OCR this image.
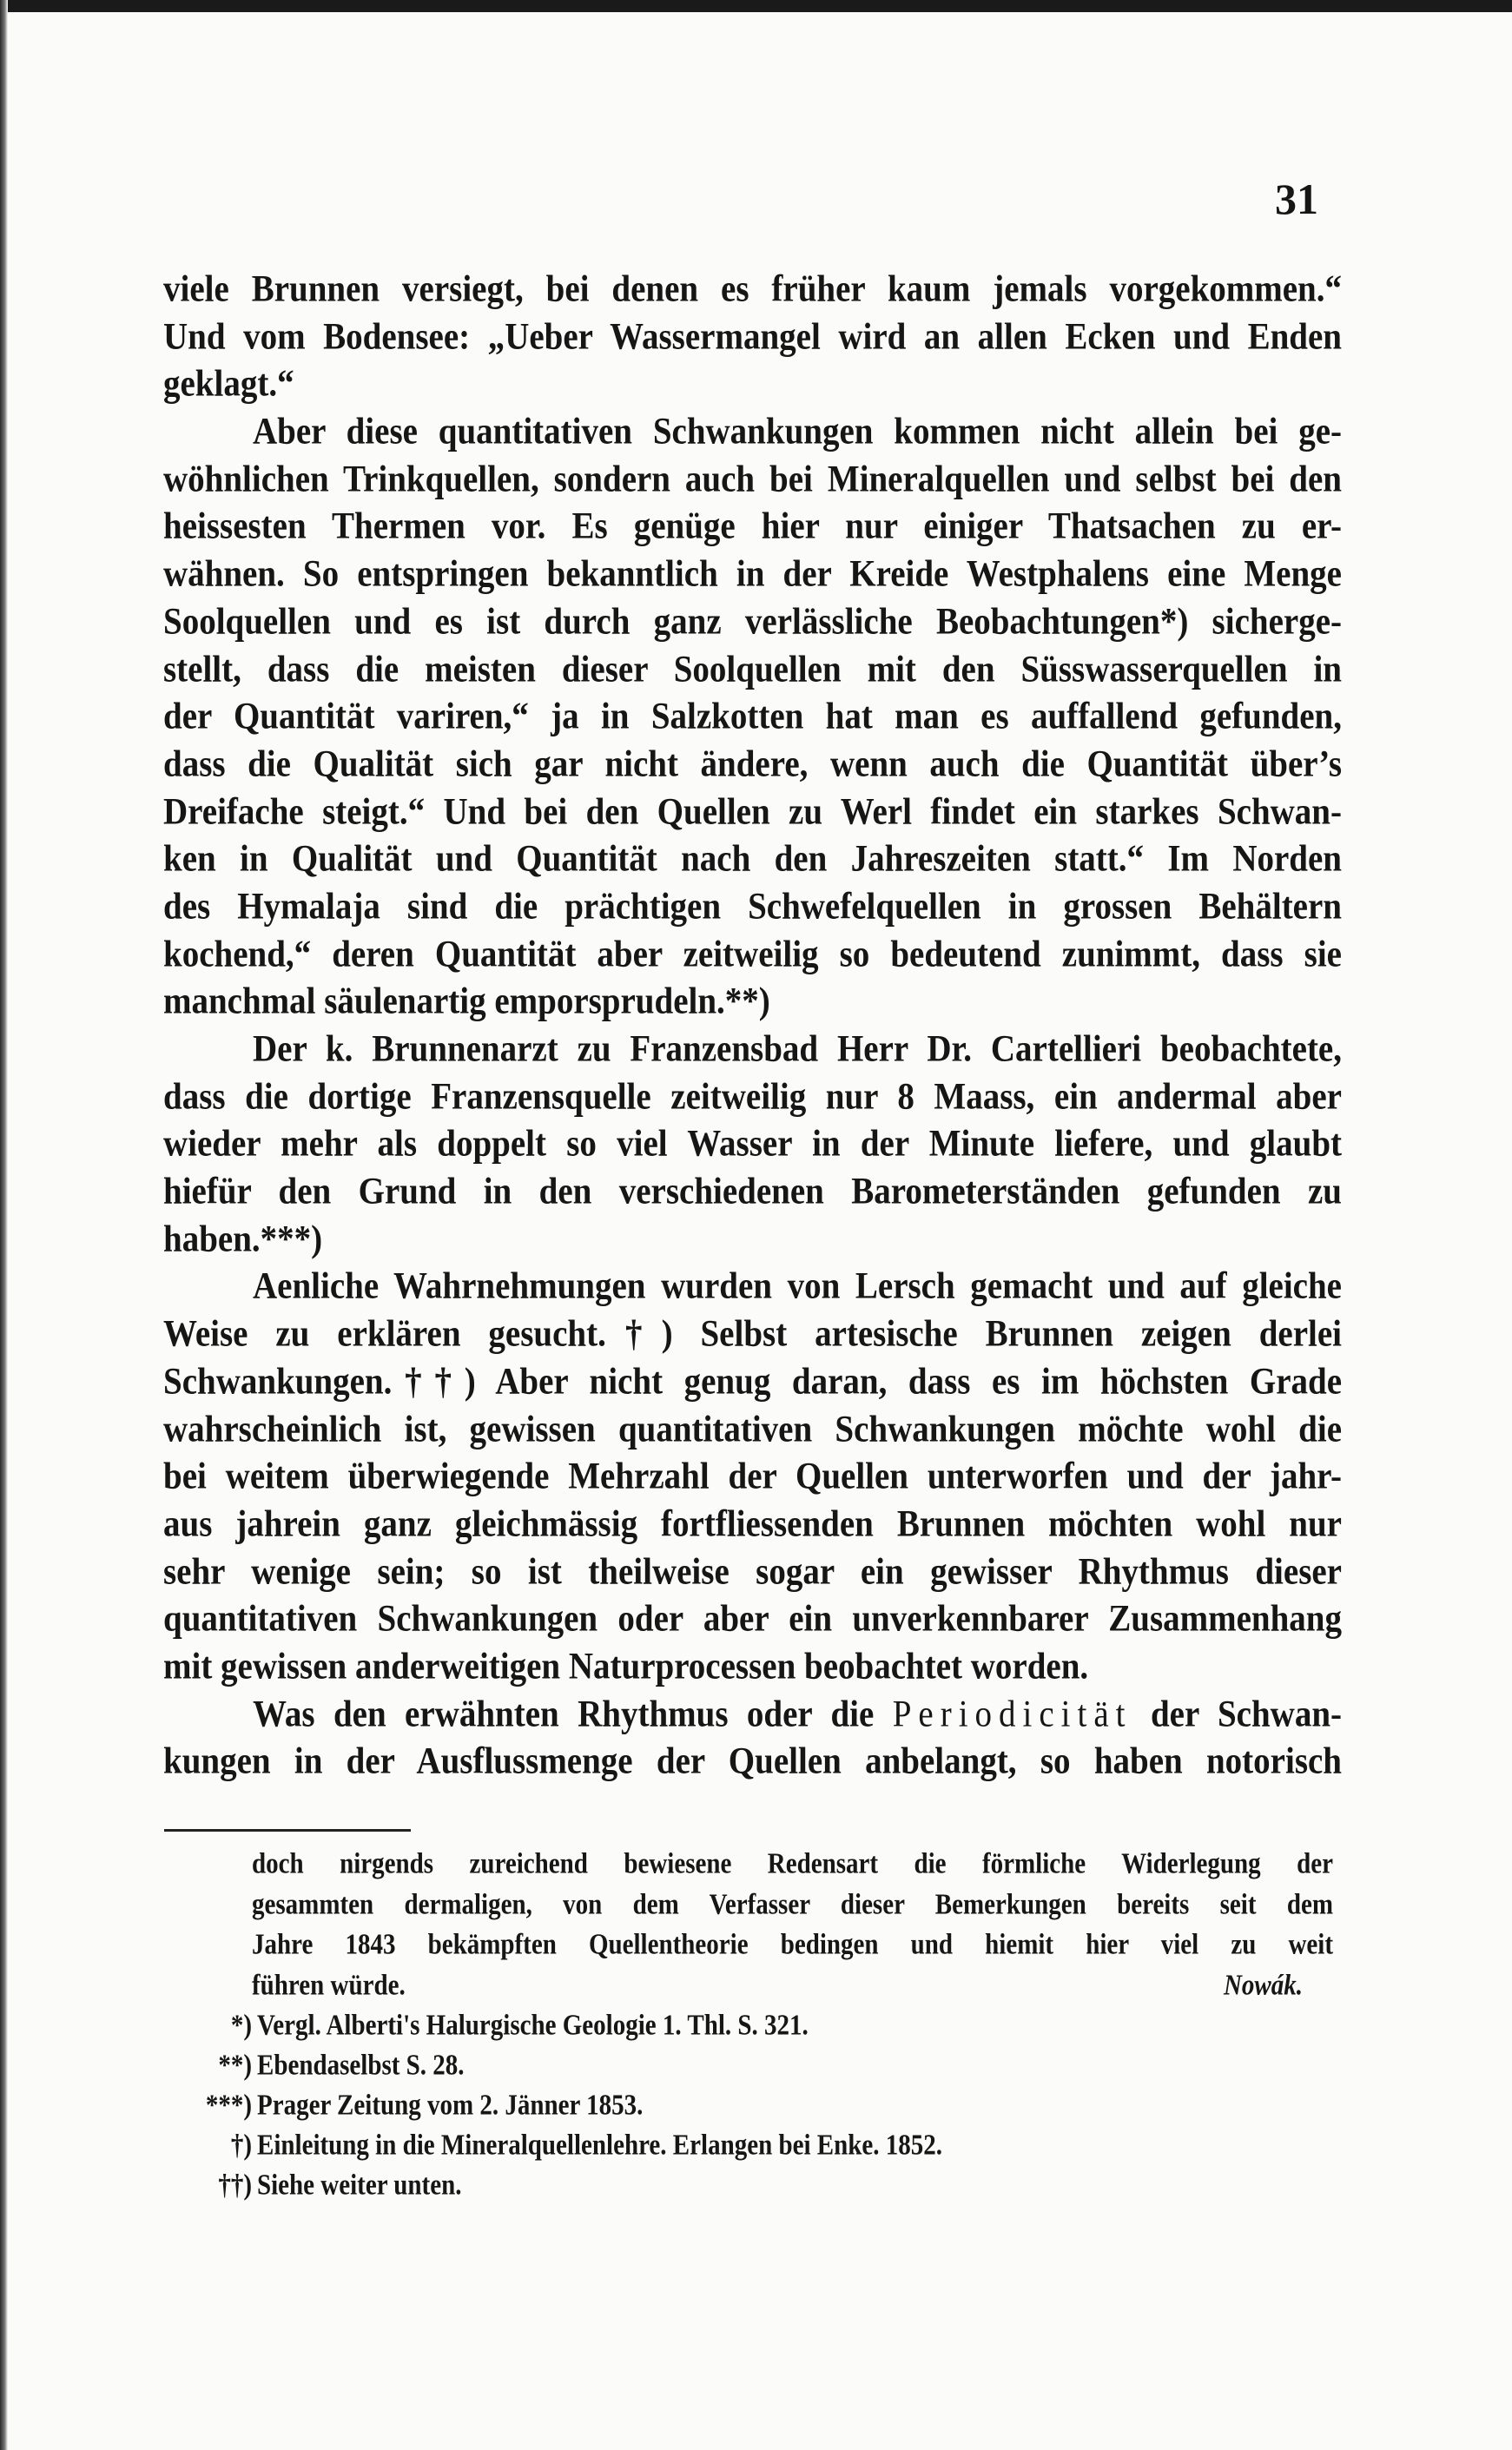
31
viele Brunnen versiegt, bei denen es früher kaum jemals vorgekommen.“
Und vom Bodensee: „Ueber Wassermangel wird an allen Ecken und Enden
geklagt.“
Aber diese quantitativen Schwankungen kommen nicht allein bei ge-
wöhnlichen Trinkquellen, sondern auch bei Mineralquellen und selbst bei den
heissesten Thermen vor. Es genüge hier nur einiger Thatsachen zu er-
wähnen. So entspringen bekanntlich in der Kreide Westphalens eine Menge
Soolquellen und es ist durch ganz verlässliche Beobachtungen*) sicherge-
stellt, dass die meisten dieser Soolquellen mit den Süsswasserquellen in
der Quantität variren,“ ja in Salzkotten hat man es auffallend gefunden,
dass die Qualität sich gar nicht ändere, wenn auch die Quantität über’s
Dreifache steigt.“ Und bei den Quellen zu Werl findet ein starkes Schwan-
ken in Qualität und Quantität nach den Jahreszeiten statt.“ Im Norden
des Hymalaja sind die prächtigen Schwefelquellen in grossen Behältern
kochend,“ deren Quantität aber zeitweilig so bedeutend zunimmt, dass sie
manchmal säulenartig emporsprudeln.**)
Der k. Brunnenarzt zu Franzensbad Herr Dr. Cartellieri beobachtete,
dass die dortige Franzensquelle zeitweilig nur 8 Maass, ein andermal aber
wieder mehr als doppelt so viel Wasser in der Minute liefere, und glaubt
hiefür den Grund in den verschiedenen Barometerständen gefunden zu
haben.***)
Aenliche Wahrnehmungen wurden von Lersch gemacht und auf gleiche
Weise zu erklären gesucht.†) Selbst artesische Brunnen zeigen derlei
Schwankungen.††) Aber nicht genug daran, dass es im höchsten Grade
wahrscheinlich ist, gewissen quantitativen Schwankungen möchte wohl die
bei weitem überwiegende Mehrzahl der Quellen unterworfen und der jahr-
aus jahrein ganz gleichmässig fortfliessenden Brunnen möchten wohl nur
sehr wenige sein; so ist theilweise sogar ein gewisser Rhythmus dieser
quantitativen Schwankungen oder aber ein unverkennbarer Zusammenhang
mit gewissen anderweitigen Naturprocessen beobachtet worden.
Was den erwähnten Rhythmus oder die Periodicität der Schwan-
kungen in der Ausflussmenge der Quellen anbelangt, so haben notorisch
doch nirgends zureichend bewiesene Redensart die förmliche Widerlegung der
gesammten dermaligen, von dem Verfasser dieser Bemerkungen bereits seit dem
Jahre 1843 bekämpften Quellentheorie bedingen und hiemit hier viel zu weit
führen würde.	Nowák.
*) Vergl. Alberti's Halurgische Geologie 1. Thl. S. 321.
**) Ebendaselbst S. 28.
***) Prager Zeitung vom 2. Jänner 1853.
†) Einleitung in die Mineralquellenlehre. Erlangen bei Enke. 1852.
††) Siehe weiter unten.
